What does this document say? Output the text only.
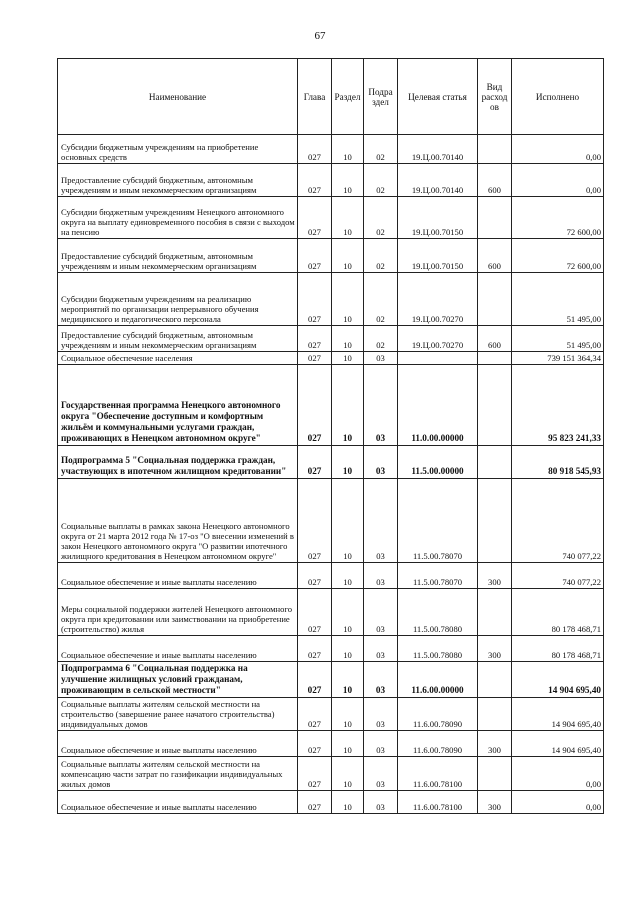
67
Наименование	Глава	Раздел	Подра здел	Целевая статья	Вид расход ов	Исполнено
Субсидии бюджетным учреждениям на приобретение основных средств	027	10	02	19.Ц.00.70140		0,00
Предоставление субсидий бюджетным, автономным учреждениям и иным некоммерческим организациям	027	10	02	19.Ц.00.70140	600	0,00
Субсидии бюджетным учреждениям Ненецкого автономного округа на выплату единовременного пособия в связи с выходом на пенсию	027	10	02	19.Ц.00.70150		72 600,00
Предоставление субсидий бюджетным, автономным учреждениям и иным некоммерческим организациям	027	10	02	19.Ц.00.70150	600	72 600,00
Субсидии бюджетным учреждениям на реализацию мероприятий по организации непрерывного обучения медицинского и педагогического персонала	027	10	02	19.Ц.00.70270		51 495,00
Предоставление субсидий бюджетным, автономным учреждениям и иным некоммерческим организациям	027	10	02	19.Ц.00.70270	600	51 495,00
Социальное обеспечение населения	027	10	03			739 151 364,34
Государственная программа Ненецкого автономного округа "Обеспечение доступным и комфортным жильём и коммунальными услугами граждан, проживающих в Ненецком автономном округе"	027	10	03	11.0.00.00000		95 823 241,33
Подпрограмма 5 "Социальная поддержка граждан, участвующих в ипотечном жилищном кредитовании"	027	10	03	11.5.00.00000		80 918 545,93
Социальные выплаты в рамках закона Ненецкого автономного округа от 21 марта 2012 года № 17-оз "О внесении изменений в закон Ненецкого автономного округа "О развитии ипотечного жилищного кредитования в Ненецком автономном округе"	027	10	03	11.5.00.78070		740 077,22
Социальное обеспечение и иные выплаты населению	027	10	03	11.5.00.78070	300	740 077,22
Меры социальной поддержки жителей Ненецкого автономного округа при кредитовании или заимствовании на приобретение (строительство) жилья	027	10	03	11.5.00.78080		80 178 468,71
Социальное обеспечение и иные выплаты населению	027	10	03	11.5.00.78080	300	80 178 468,71
Подпрограмма 6 "Социальная поддержка на улучшение жилищных условий гражданам, проживающим в сельской местности"	027	10	03	11.6.00.00000		14 904 695,40
Социальные выплаты жителям сельской местности на строительство (завершение ранее начатого строительства) индивидуальных домов	027	10	03	11.6.00.78090		14 904 695,40
Социальное обеспечение и иные выплаты населению	027	10	03	11.6.00.78090	300	14 904 695,40
Социальные выплаты жителям сельской местности на компенсацию части затрат по газификации индивидуальных жилых домов	027	10	03	11.6.00.78100		0,00
Социальное обеспечение и иные выплаты населению	027	10	03	11.6.00.78100	300	0,00
